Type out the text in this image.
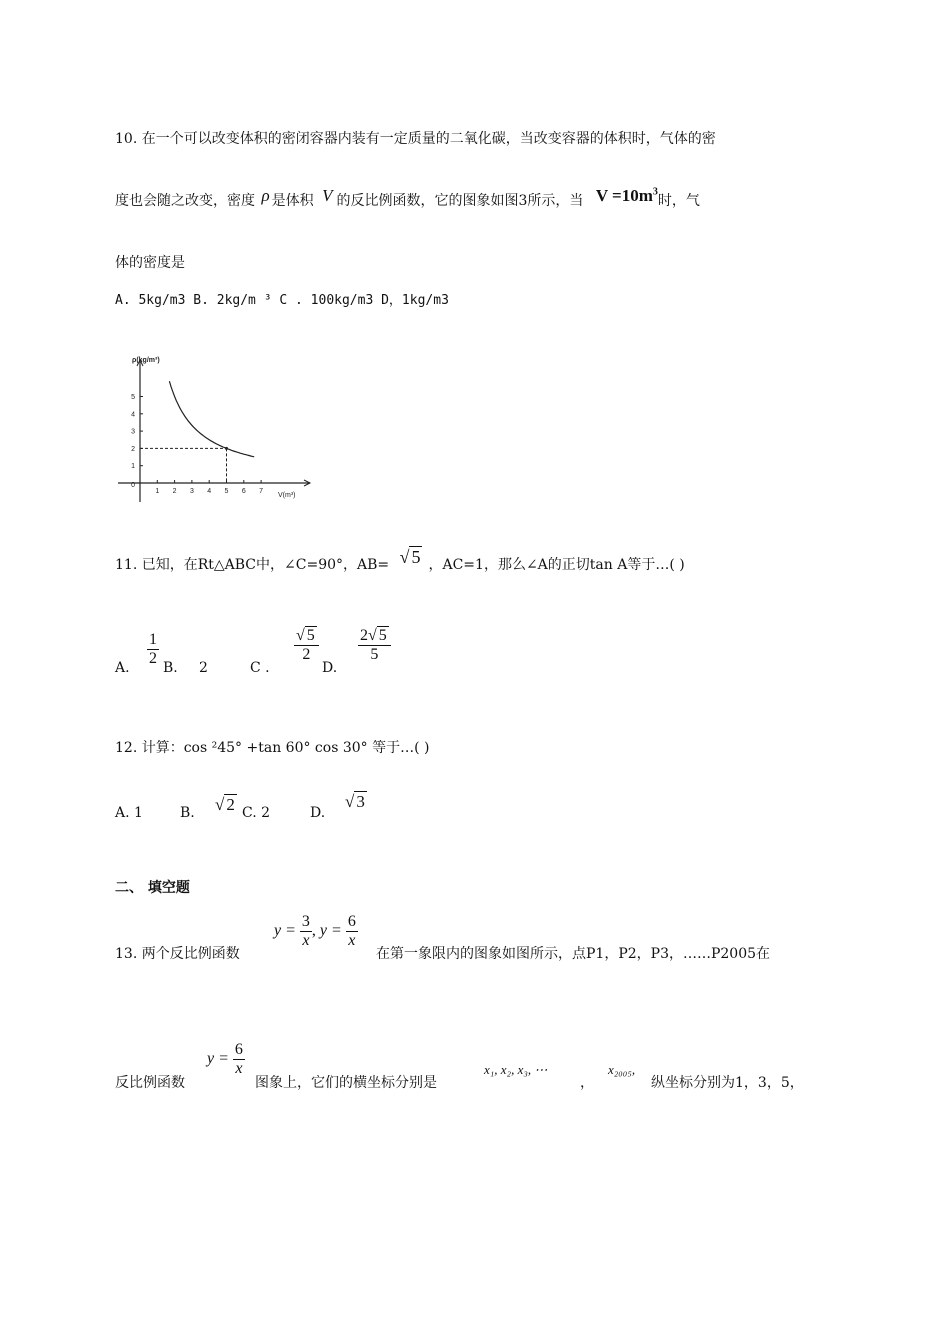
10. 在一个可以改变体积的密闭容器内装有一定质量的二氧化碳，当改变容器的体积时，气体的密
度也会随之改变，密度 ρ 是体积 V 的反比例函数，它的图象如图3所示，当 $V =10m^3$时，气
体的密度是
A. 5kg/m3 B. 2kg/m ³ C . 100kg/m3 D，1kg/m3
1 2 3 4 5 6 7
1
2
3
4
5
0
ρ(kg/m³)
V(m³)
11. 已知，在Rt△ABC中，∠C=90°，AB= √ 5 ，AC=1，那么∠A的正切tan A等于…( )
A.
$\frac{1}{2}$
B. 2	C .
$\frac{√ 5}{2}$
D.
$\frac{2√ 5}{5}$
12. 计算：cos ²45° +tan 60° cos 30° 等于…( )
A. 1	B. √ 2 C. 2	D.
√ 3
二、 填空题
13. 两个反比例函数
$y = \frac{3}{x}$ , $y = \frac{6}{x}$
在第一象限内的图象如图所示，点P1，P2，P3，……P2005在
反比例函数
$y = \frac{6}{x}$
图象上，它们的横坐标分别是
x₁, x₂, x₃, ⋯
，
x₂₀₀₅,
纵坐标分别为1，3，5，
